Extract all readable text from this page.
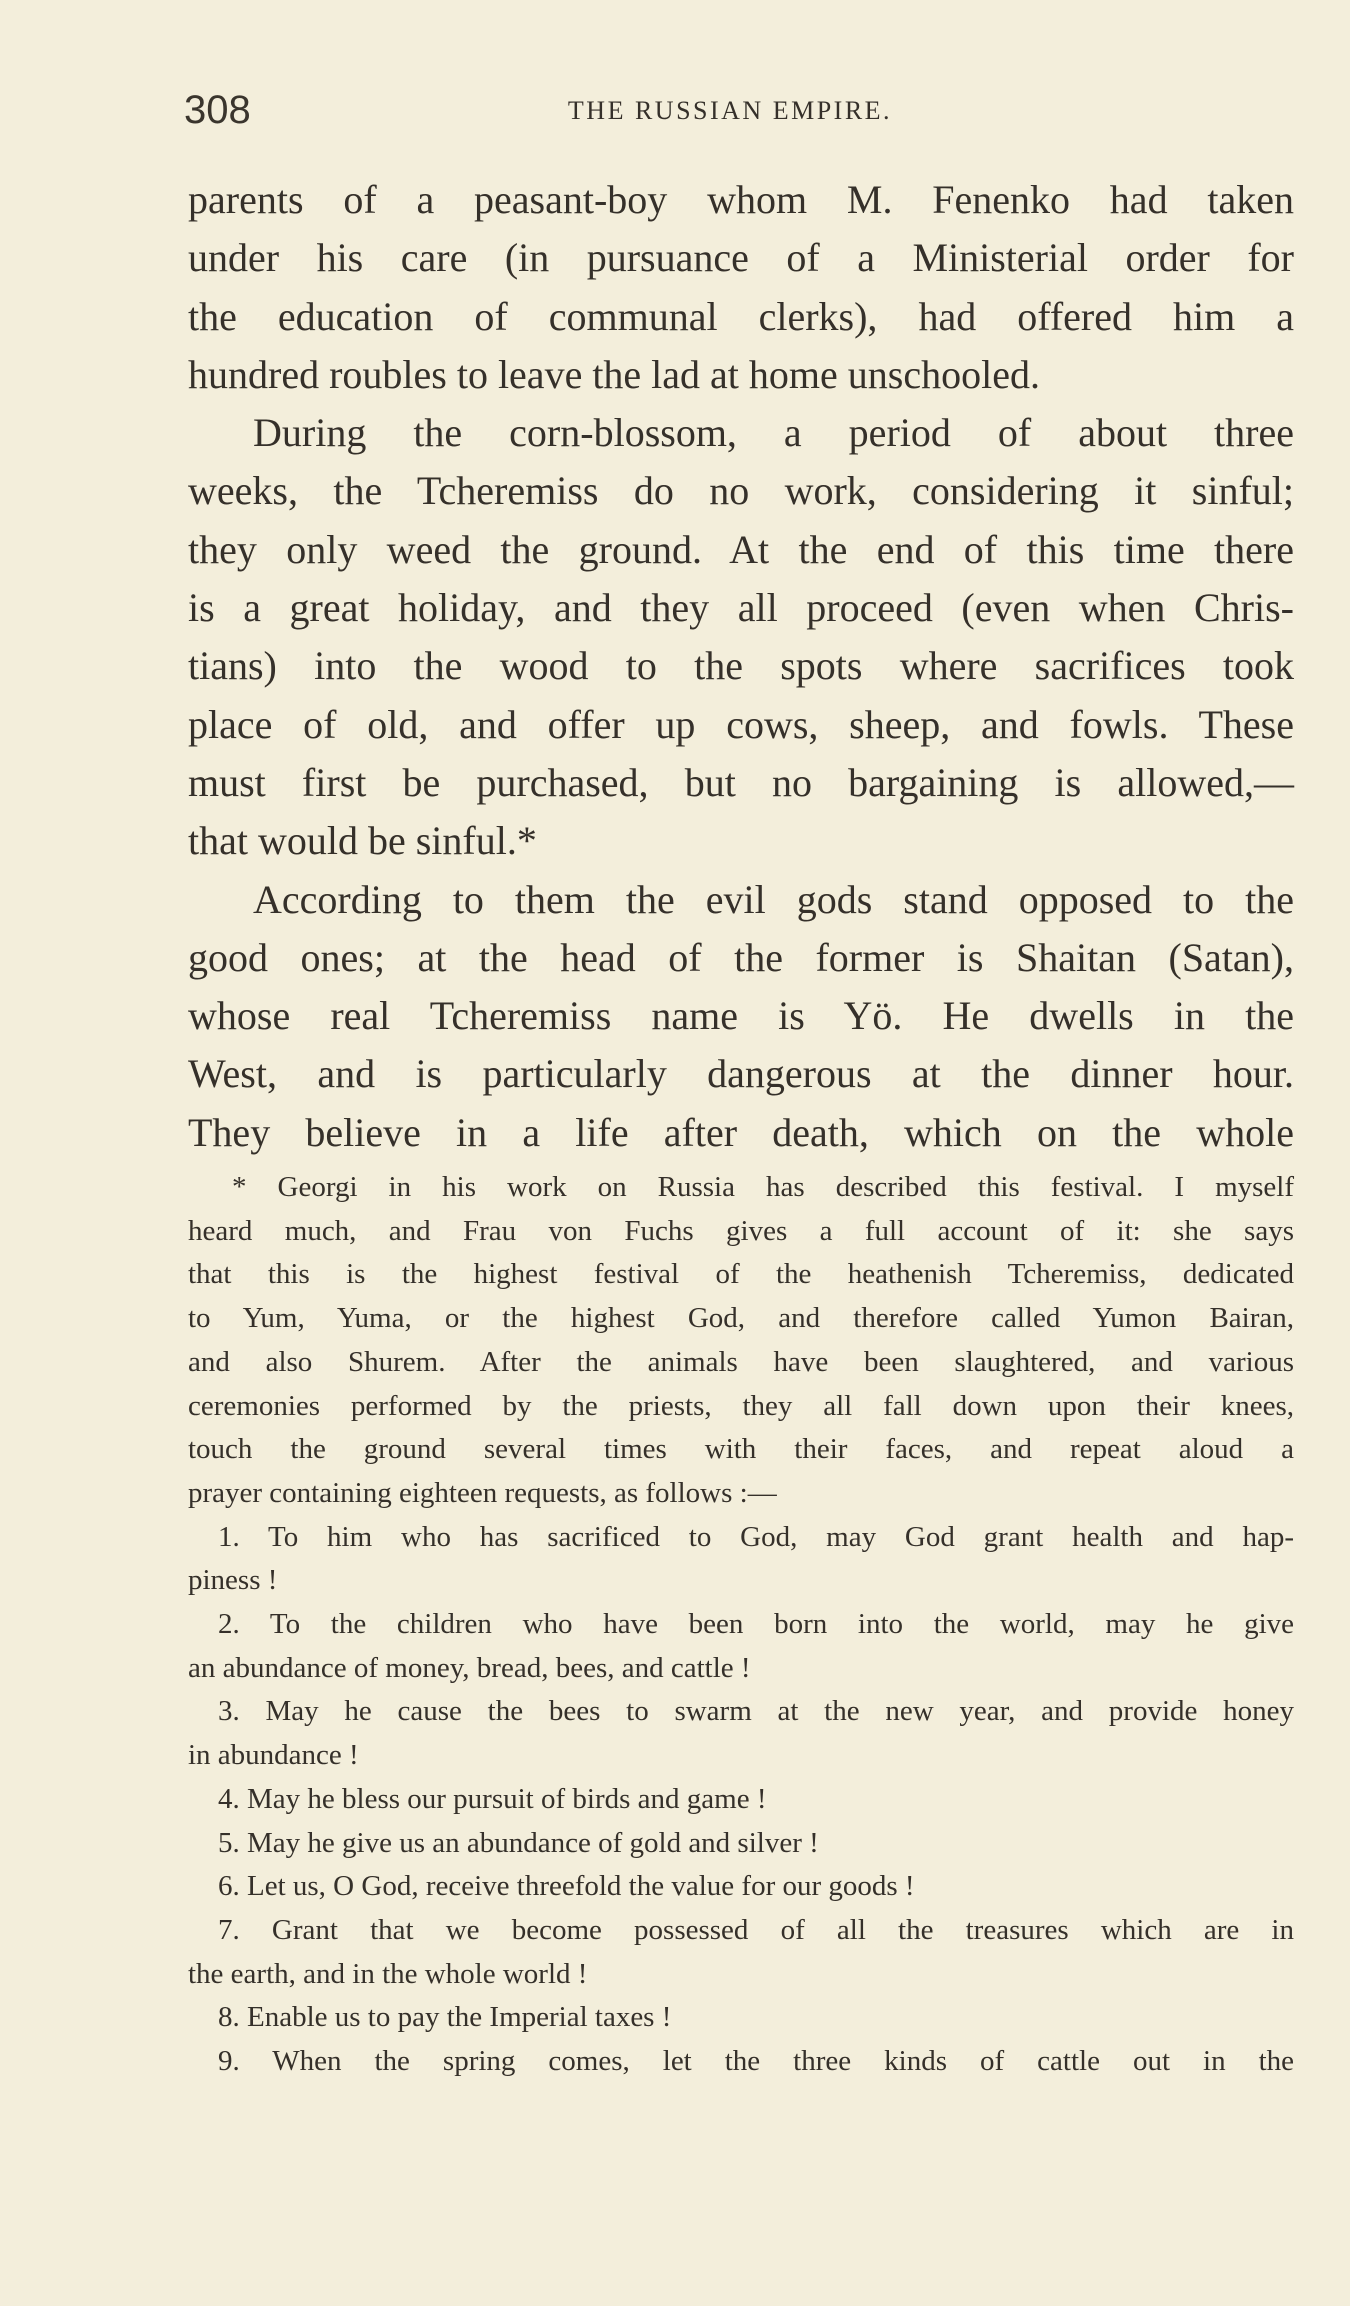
308	THE RUSSIAN EMPIRE.
parents of a peasant-boy whom M. Fenenko had taken
under his care (in pursuance of a Ministerial order for
the education of communal clerks), had offered him a
hundred roubles to leave the lad at home unschooled.
During the corn-blossom, a period of about three
weeks, the Tcheremiss do no work, considering it sinful;
they only weed the ground. At the end of this time there
is a great holiday, and they all proceed (even when Chris-
tians) into the wood to the spots where sacrifices took
place of old, and offer up cows, sheep, and fowls. These
must first be purchased, but no bargaining is allowed,—
that would be sinful.*
According to them the evil gods stand opposed to the
good ones; at the head of the former is Shaitan (Satan),
whose real Tcheremiss name is Yö. He dwells in the
West, and is particularly dangerous at the dinner hour.
They believe in a life after death, which on the whole
* Georgi in his work on Russia has described this festival. I myself
heard much, and Frau von Fuchs gives a full account of it: she says
that this is the highest festival of the heathenish Tcheremiss, dedicated
to Yum, Yuma, or the highest God, and therefore called Yumon Bairan,
and also Shurem. After the animals have been slaughtered, and various
ceremonies performed by the priests, they all fall down upon their knees,
touch the ground several times with their faces, and repeat aloud a
prayer containing eighteen requests, as follows :—
1. To him who has sacrificed to God, may God grant health and hap-
piness !
2. To the children who have been born into the world, may he give
an abundance of money, bread, bees, and cattle !
3. May he cause the bees to swarm at the new year, and provide honey
in abundance !
4. May he bless our pursuit of birds and game !
5. May he give us an abundance of gold and silver !
6. Let us, O God, receive threefold the value for our goods !
7. Grant that we become possessed of all the treasures which are in
the earth, and in the whole world !
8. Enable us to pay the Imperial taxes !
9. When the spring comes, let the three kinds of cattle out in the
